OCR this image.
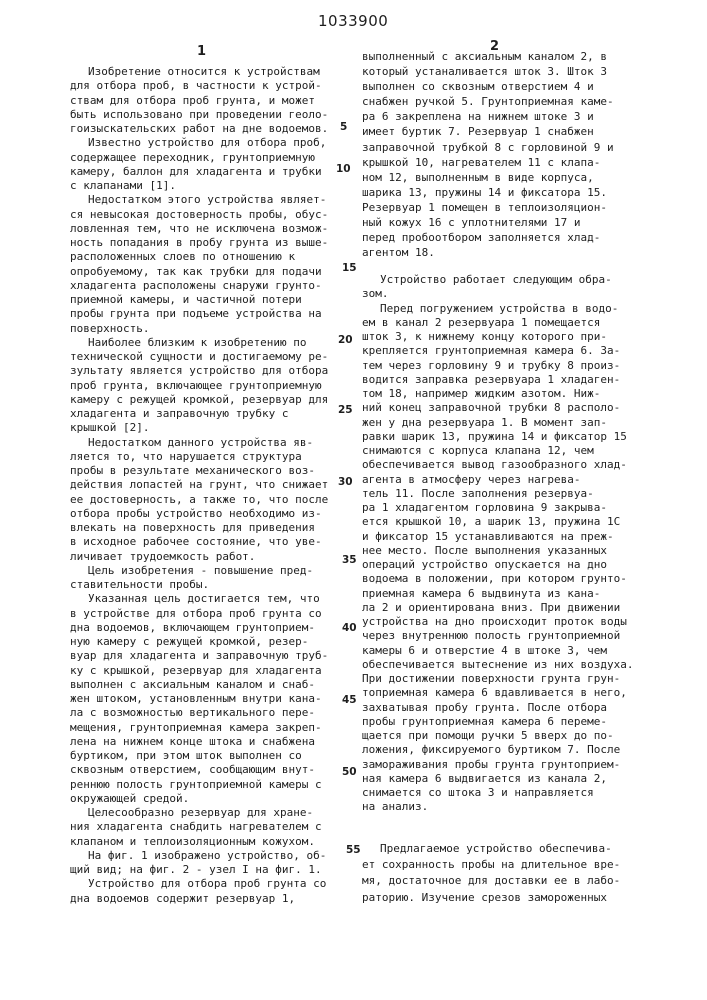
1033900
1	2
Изобретение относится к устройствам
для отбора проб, в частности к устрой-
ствам для отбора проб грунта, и может
быть использовано при проведении геоло-
гоизыскательских работ на дне водоемов.
Известно устройство для отбора проб,
содержащее переходник, грунтоприемную
камеру, баллон для хладагента и трубки
с клапанами [1].
Недостатком этого устройства являет-
ся невысокая достоверность пробы, обус-
ловленная тем, что не исключена возмож-
ность попадания в пробу грунта из выше-
расположенных слоев по отношению к
опробуемому, так как трубки для подачи
хладагента расположены снаружи грунто-
приемной камеры, и частичной потери
пробы грунта при подъеме устройства на
поверхность.
Наиболее близким к изобретению по
технической сущности и достигаемому ре-
зультату является устройство для отбора
проб грунта, включающее грунтоприемную
камеру с режущей кромкой, резервуар для
хладагента и заправочную трубку с
крышкой [2].
Недостатком данного устройства яв-
ляется то, что нарушается структура
пробы в результате механического воз-
действия лопастей на грунт, что снижает
ее достоверность, а также то, что после
отбора пробы устройство необходимо из-
влекать на поверхность для приведения
в исходное рабочее состояние, что уве-
личивает трудоемкость работ.
Цель изобретения - повышение пред-
ставительности пробы.
Указанная цель достигается тем, что
в устройстве для отбора проб грунта со
дна водоемов, включающем грунтоприем-
ную камеру с режущей кромкой, резер-
вуар для хладагента и заправочную труб-
ку с крышкой, резервуар для хладагента
выполнен с аксиальным каналом и снаб-
жен штоком, установленным внутри кана-
ла с возможностью вертикального пере-
мещения, грунтоприемная камера закреп-
лена на нижнем конце штока и снабжена
буртиком, при этом шток выполнен со
сквозным отверстием, сообщающим внут-
реннюю полость грунтоприемной камеры с
окружающей средой.
Целесообразно резервуар для хране-
ния хладагента снабдить нагревателем с
клапаном и теплоизоляционным кожухом.
На фиг. 1 изображено устройство, об-
щий вид; на фиг. 2 - узел I на фиг. 1.
Устройство для отбора проб грунта со
дна водоемов содержит резервуар 1,
выполненный с аксиальным каналом 2, в
который устаналивается шток 3. Шток 3
выполнен со сквозным отверстием 4 и
снабжен ручкой 5. Грунтоприемная каме-
ра 6 закреплена на нижнем штоке 3 и
имеет буртик 7. Резервуар 1 снабжен
заправочной трубкой 8 с горловиной 9 и
крышкой 10, нагревателем 11 с клапа-
ном 12, выполненным в виде корпуса,
шарика 13, пружины 14 и фиксатора 15.
Резервуар 1 помещен в теплоизоляцион-
ный кожух 16 с уплотнителями 17 и
перед пробоотбором заполняется хлад-
агентом 18.
Устройство работает следующим обра-
зом.
Перед погружением устройства в водо-
ем в канал 2 резервуара 1 помещается
шток 3, к нижнему концу которого при-
крепляется грунтоприемная камера 6. За-
тем через горловину 9 и трубку 8 произ-
водится заправка резервуара 1 хладаген-
том 18, например жидким азотом. Ниж-
ний конец заправочной трубки 8 располо-
жен у дна резервуара 1. В момент зап-
равки шарик 13, пружина 14 и фиксатор 15
снимаются с корпуса клапана 12, чем
обеспечивается вывод газообразного хлад-
агента в атмосферу через нагрева-
тель 11. После заполнения резервуа-
ра 1 хладагентом горловина 9 закрыва-
ется крышкой 10, а шарик 13, пружина 1С
и фиксатор 15 устанавливаются на преж-
нее место. После выполнения указанных
операций устройство опускается на дно
водоема в положении, при котором грунто-
приемная камера 6 выдвинута из кана-
ла 2 и ориентирована вниз. При движении
устройства на дно происходит проток воды
через внутреннюю полость грунтоприемной
камеры 6 и отверстие 4 в штоке 3, чем
обеспечивается вытеснение из них воздуха.
При достижении поверхности грунта грун-
топриемная камера 6 вдавливается в него,
захватывая пробу грунта. После отбора
пробы грунтоприемная камера 6 переме-
щается при помощи ручки 5 вверх до по-
ложения, фиксируемого буртиком 7. После
замораживания пробы грунта грунтоприем-
ная камера 6 выдвигается из канала 2,
снимается со штока 3 и направляется
на анализ.
Предлагаемое устройство обеспечива-
ет сохранность пробы на длительное вре-
мя, достаточное для доставки ее в лабо-
раторию. Изучение срезов замороженных
5
10
15
20
25
30
35
40
45
50
55
